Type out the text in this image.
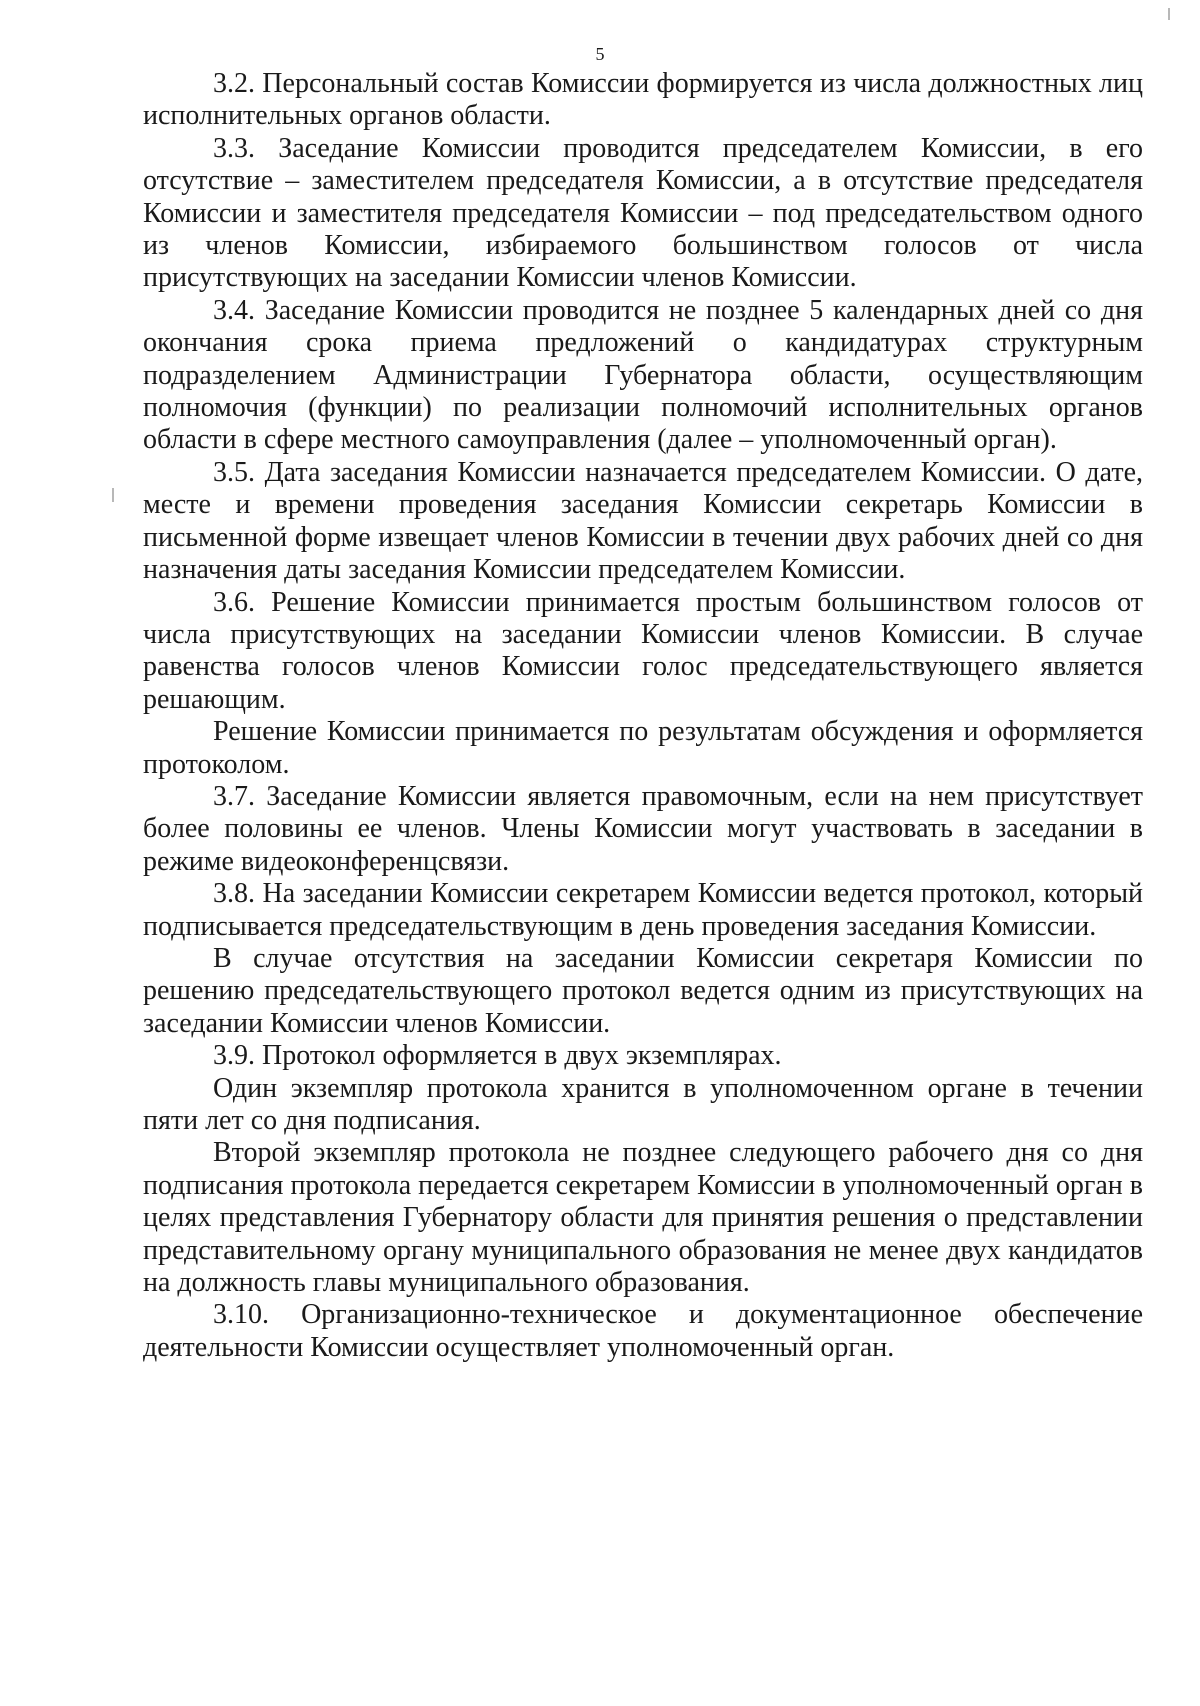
5

3.2. Персональный состав Комиссии формируется из числа должностных лиц исполнительных органов области.

3.3. Заседание Комиссии проводится председателем Комиссии, в его отсутствие – заместителем председателя Комиссии, а в отсутствие председателя Комиссии и заместителя председателя Комиссии – под председательством одного из членов Комиссии, избираемого большинством голосов от числа присутствующих на заседании Комиссии членов Комиссии.

3.4. Заседание Комиссии проводится не позднее 5 календарных дней со дня окончания срока приема предложений о кандидатурах структурным подразделением Администрации Губернатора области, осуществляющим полномочия (функции) по реализации полномочий исполнительных органов области в сфере местного самоуправления (далее – уполномоченный орган).

3.5. Дата заседания Комиссии назначается председателем Комиссии. О дате, месте и времени проведения заседания Комиссии секретарь Комиссии в письменной форме извещает членов Комиссии в течении двух рабочих дней со дня назначения даты заседания Комиссии председателем Комиссии.

3.6. Решение Комиссии принимается простым большинством голосов от числа присутствующих на заседании Комиссии членов Комиссии. В случае равенства голосов членов Комиссии голос председательствующего является решающим.

Решение Комиссии принимается по результатам обсуждения и оформляется протоколом.

3.7. Заседание Комиссии является правомочным, если на нем присутствует более половины ее членов. Члены Комиссии могут участвовать в заседании в режиме видеоконференцсвязи.

3.8. На заседании Комиссии секретарем Комиссии ведется протокол, который подписывается председательствующим в день проведения заседания Комиссии.

В случае отсутствия на заседании Комиссии секретаря Комиссии по решению председательствующего протокол ведется одним из присутствующих на заседании Комиссии членов Комиссии.

3.9. Протокол оформляется в двух экземплярах.

Один экземпляр протокола хранится в уполномоченном органе в течении пяти лет со дня подписания.

Второй экземпляр протокола не позднее следующего рабочего дня со дня подписания протокола передается секретарем Комиссии в уполномоченный орган в целях представления Губернатору области для принятия решения о представлении представительному органу муниципального образования не менее двух кандидатов на должность главы муниципального образования.

3.10. Организационно-техническое и документационное обеспечение деятельности Комиссии осуществляет уполномоченный орган.
